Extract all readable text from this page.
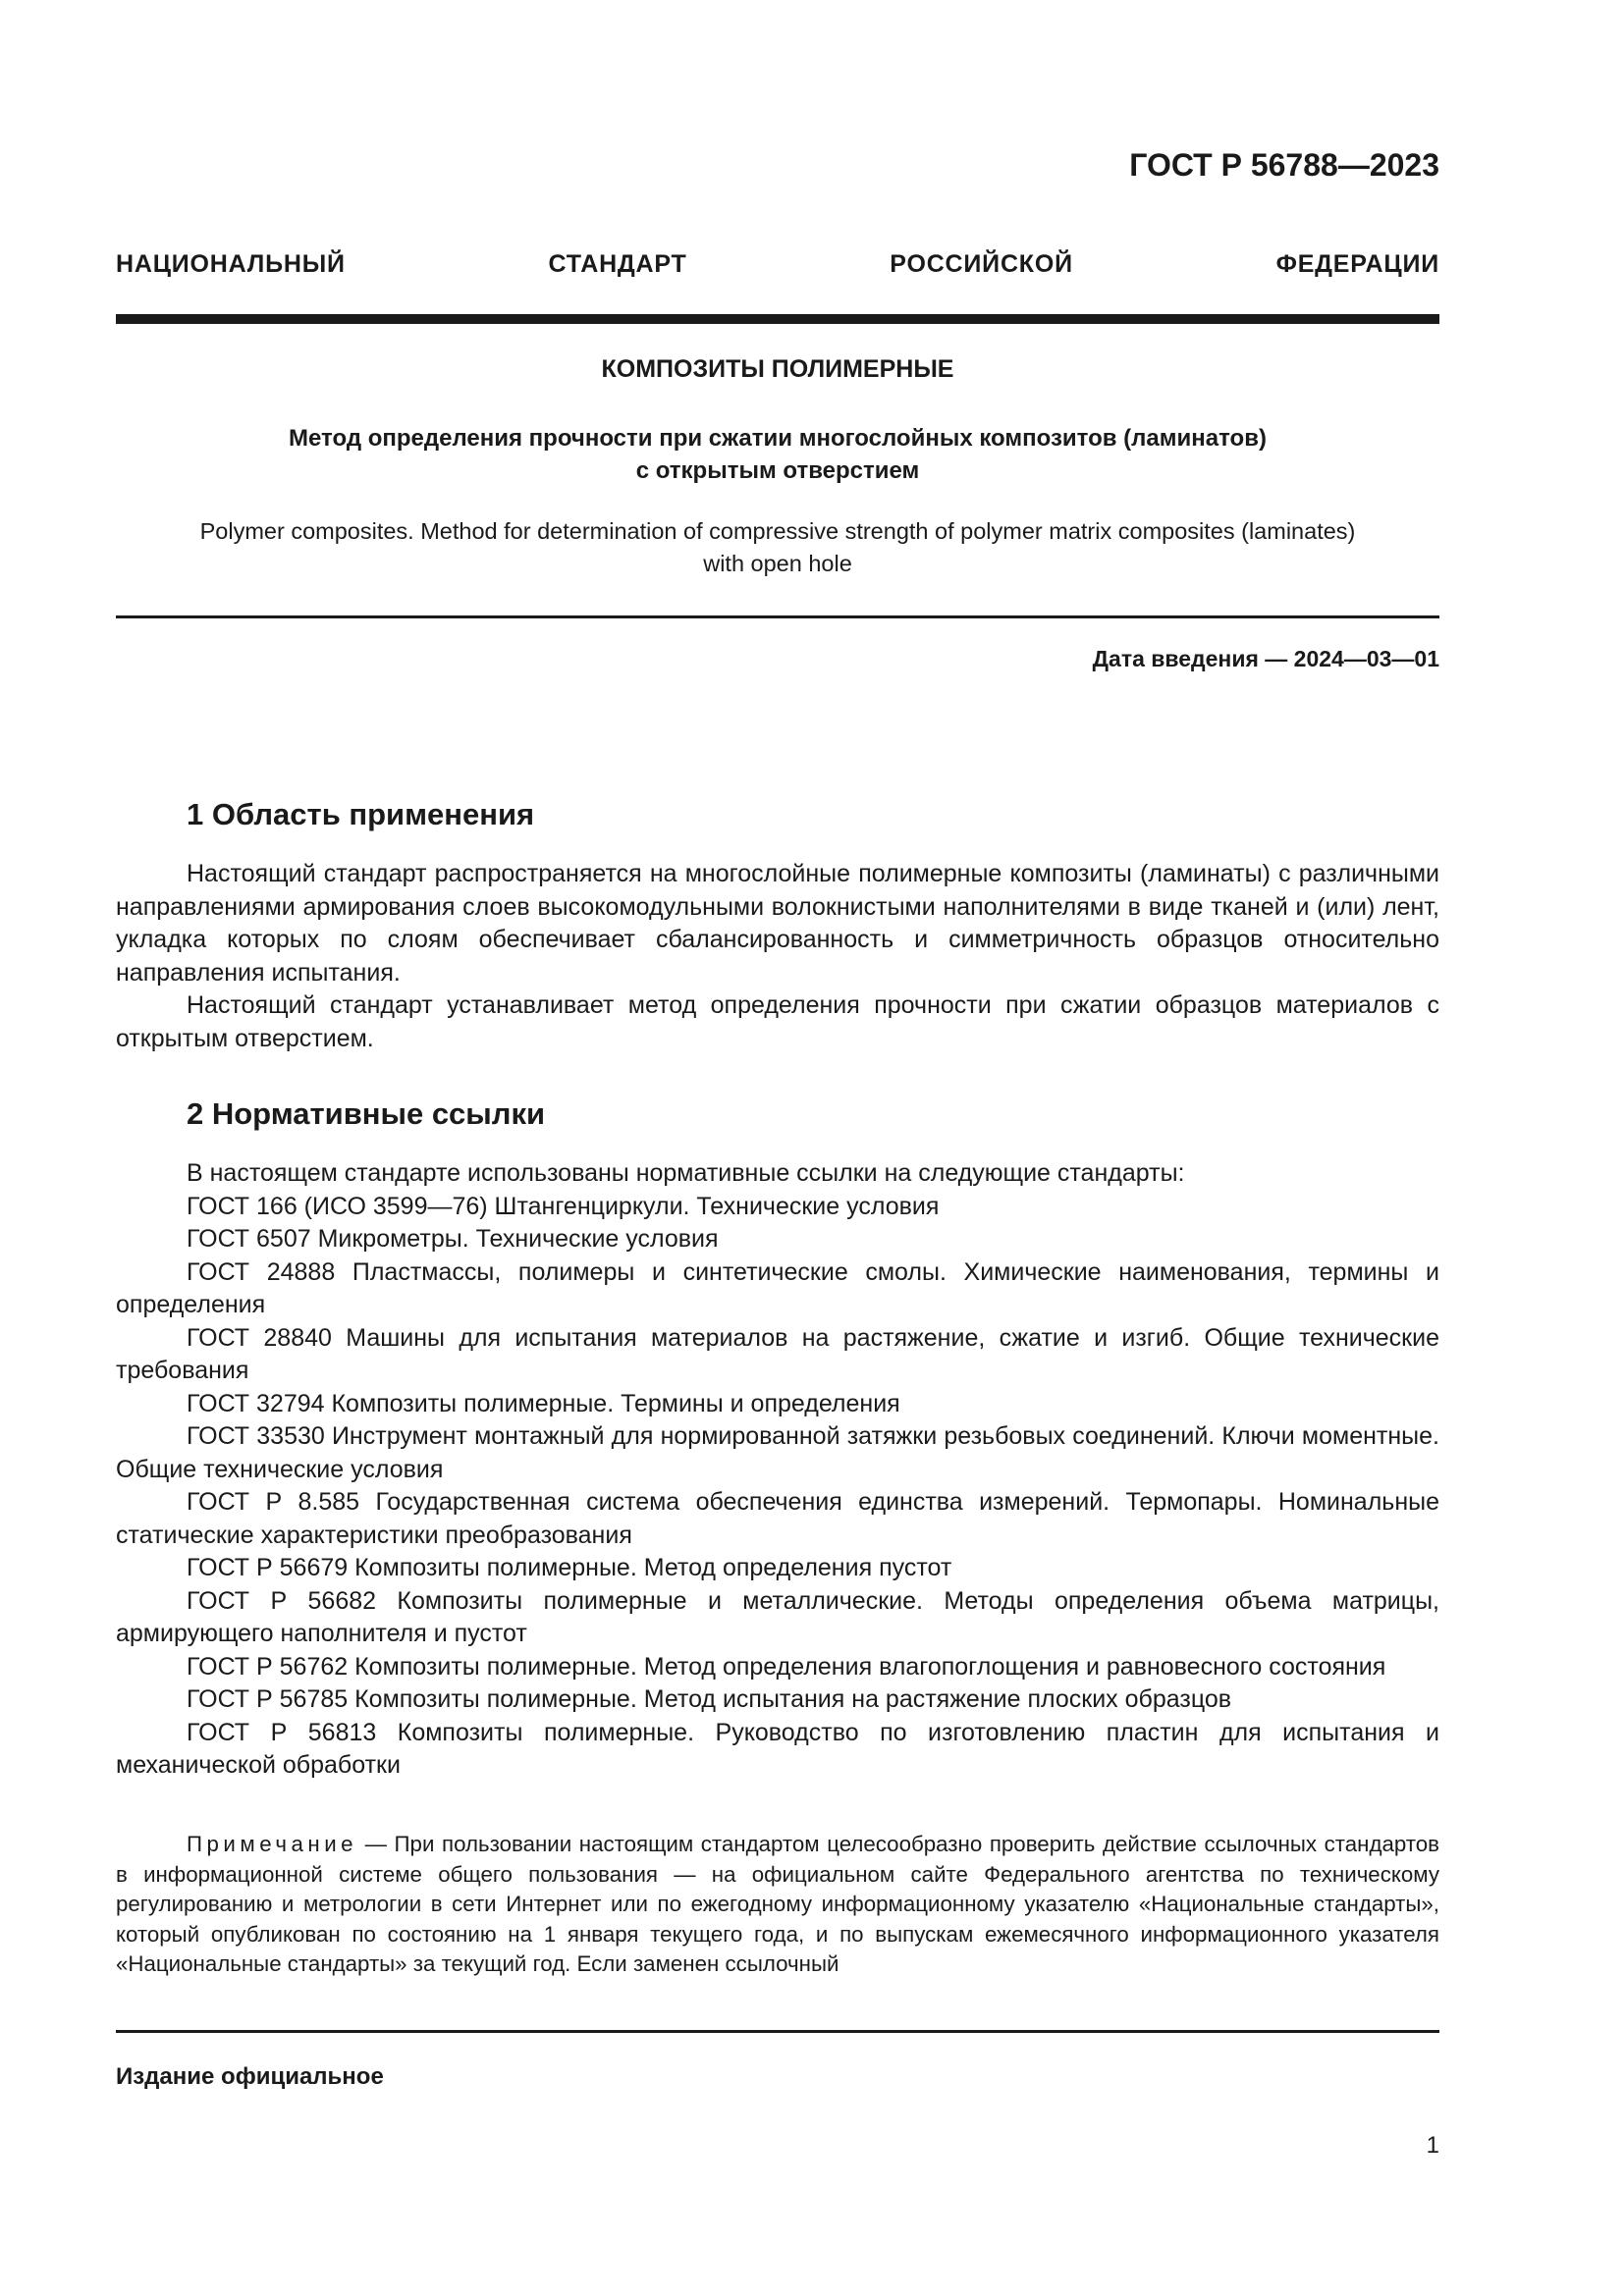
ГОСТ Р 56788—2023
НАЦИОНАЛЬНЫЙ СТАНДАРТ РОССИЙСКОЙ ФЕДЕРАЦИИ
КОМПОЗИТЫ ПОЛИМЕРНЫЕ
Метод определения прочности при сжатии многослойных композитов (ламинатов)
с открытым отверстием
Polymer composites. Method for determination of compressive strength of polymer matrix composites (laminates)
with open hole
Дата введения — 2024—03—01
1 Область применения

Настоящий стандарт распространяется на многослойные полимерные композиты (ламинаты) с различными направлениями армирования слоев высокомодульными волокнистыми наполнителями в виде тканей и (или) лент, укладка которых по слоям обеспечивает сбалансированность и симметричность образцов относительно направления испытания.

Настоящий стандарт устанавливает метод определения прочности при сжатии образцов материалов с открытым отверстием.

2 Нормативные ссылки

В настоящем стандарте использованы нормативные ссылки на следующие стандарты:

ГОСТ 166 (ИСО 3599—76) Штангенциркули. Технические условия

ГОСТ 6507 Микрометры. Технические условия

ГОСТ 24888 Пластмассы, полимеры и синтетические смолы. Химические наименования, термины и определения

ГОСТ 28840 Машины для испытания материалов на растяжение, сжатие и изгиб. Общие технические требования

ГОСТ 32794 Композиты полимерные. Термины и определения

ГОСТ 33530 Инструмент монтажный для нормированной затяжки резьбовых соединений. Ключи моментные. Общие технические условия

ГОСТ Р 8.585 Государственная система обеспечения единства измерений. Термопары. Номинальные статические характеристики преобразования

ГОСТ Р 56679 Композиты полимерные. Метод определения пустот

ГОСТ Р 56682 Композиты полимерные и металлические. Методы определения объема матрицы, армирующего наполнителя и пустот

ГОСТ Р 56762 Композиты полимерные. Метод определения влагопоглощения и равновесного состояния

ГОСТ Р 56785 Композиты полимерные. Метод испытания на растяжение плоских образцов

ГОСТ Р 56813 Композиты полимерные. Руководство по изготовлению пластин для испытания и механической обработки

Примечание — При пользовании настоящим стандартом целесообразно проверить действие ссылочных стандартов в информационной системе общего пользования — на официальном сайте Федерального агентства по техническому регулированию и метрологии в сети Интернет или по ежегодному информационному указателю «Национальные стандарты», который опубликован по состоянию на 1 января текущего года, и по выпускам ежемесячного информационного указателя «Национальные стандарты» за текущий год. Если заменен ссылочный

Издание официальное
1
